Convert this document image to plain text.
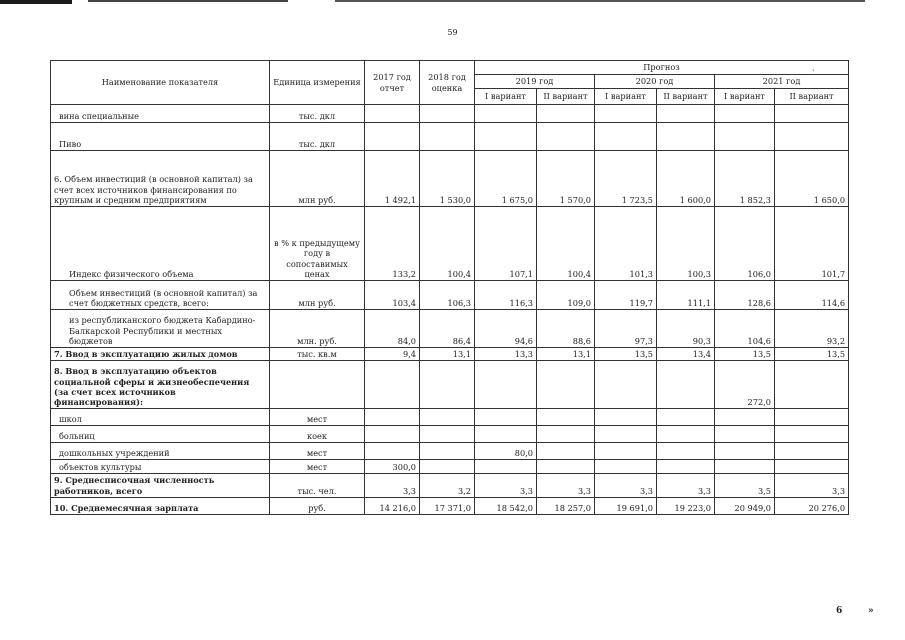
59
·
Наименование показателя	Единица измерения	2017 год отчет	2018 год оценка	Прогноз					
				2019 год		2020 год		2021 год	
				I вариант	II вариант	I вариант	II вариант	I вариант	II вариант
вина специальные	тыс. дкл								
Пиво	тыс. дкл								
6. Объем инвестиций (в основной капитал) за счет всех источников финансирования по крупным и средним предприятиям	млн руб.	1 492,1	1 530,0	1 675,0	1 570,0	1 723,5	1 600,0	1 852,3	1 650,0
Индекс физического объема	в % к предыдущему году в сопоставимых ценах	133,2	100,4	107,1	100,4	101,3	100,3	106,0	101,7
Объем инвестиций (в основной капитал) за счет бюджетных средств, всего:	млн руб.	103,4	106,3	116,3	109,0	119,7	111,1	128,6	114,6
из республиканского бюджета Кабардино-Балкарской Республики и местных бюджетов	млн. руб.	84,0	86,4	94,6	88,6	97,3	90,3	104,6	93,2
7. Ввод в эксплуатацию жилых домов	тыс. кв.м	9,4	13,1	13,3	13,1	13,5	13,4	13,5	13,5
8. Ввод в эксплуатацию объектов социальной сферы и жизнеобеспечения (за счет всех источников финансирования):								272,0	
школ	мест								
больниц	коек								
дошкольных учреждений	мест			80,0					
объектов культуры	мест	300,0							
9. Среднесписочная численность работников, всего	тыс. чел.	3,3	3,2	3,3	3,3	3,3	3,3	3,5	3,3
10. Среднемесячная зарплата	руб.	14 216,0	17 371,0	18 542,0	18 257,0	19 691,0	19 223,0	20 949,0	20 276,0
6	»
